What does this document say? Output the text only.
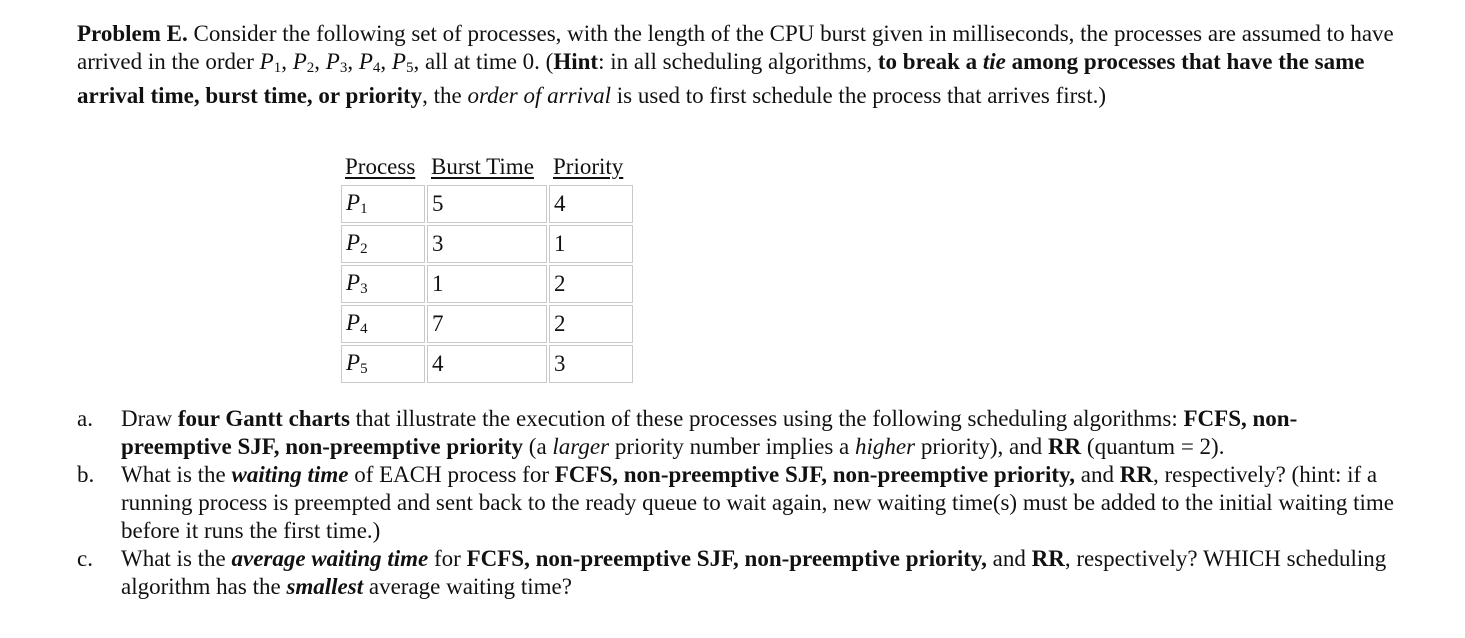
Problem E. Consider the following set of processes, with the length of the CPU burst given in milliseconds, the processes are assumed to have arrived in the order $P_1$, $P_2$, $P_3$, $P_4$, $P_5$, all at time 0. (Hint: in all scheduling algorithms, to break a tie among processes that have the same arrival time, burst time, or priority, the order of arrival is used to first schedule the process that arrives first.)
Process	Burst Time	Priority
$P_1$	5	4
$P_2$	3	1
$P_3$	1	2
$P_4$	7	2
$P_5$	4	3
a.	Draw four Gantt charts that illustrate the execution of these processes using the following scheduling algorithms: FCFS, non-preemptive SJF, non-preemptive priority (a larger priority number implies a higher priority), and RR (quantum = 2).
b.	What is the waiting time of EACH process for FCFS, non-preemptive SJF, non-preemptive priority, and RR, respectively? (hint: if a running process is preempted and sent back to the ready queue to wait again, new waiting time(s) must be added to the initial waiting time before it runs the first time.)
c.	What is the average waiting time for FCFS, non-preemptive SJF, non-preemptive priority, and RR, respectively? WHICH scheduling algorithm has the smallest average waiting time?
